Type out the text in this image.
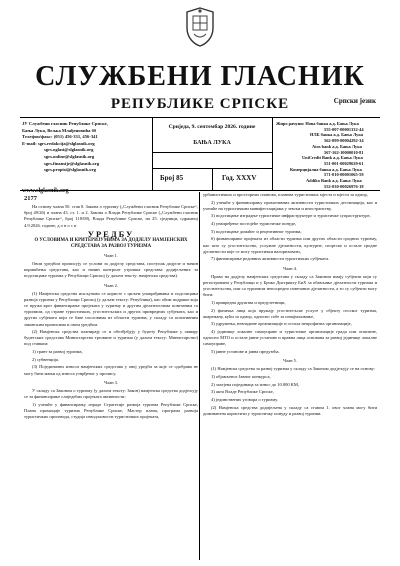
СЛУЖБЕНИ ГЛАСНИК
РЕПУБЛИКЕ СРПСКЕ	Српски језик
ЈУ Службени гласник Републике Српске,
Бања Лука, Вељка Млађеновића бб
Телефон/факс: (051) 456-331, 456-341
Е-mail: sgrs.redakcija@slglasnik.org
sgrs.oglasi@slglasnik.org
sgrs.online@slglasnik.org
sgrs.finansije@slglasnik.org
sgrs.propisi@slglasnik.org
www.slglasnik.org
Сриједа, 9. септембар 2026. године
БАЊА ЛУКА
Број 85	Год. XXXV
Жиро рачуни: Нова банка а.д. Бања Лука
555-007-00001332-44
НЛБ банка а.д. Бања Лука
562-099-00004292-34
Atos bank а.д. Бања Лука
567-162-10000010-81
UniCredit Bank а.д. Бања Лука
551-001-00029639-61
Комерцијална банка а.д. Бања Лука
571-010-00001065-59
Addiko Bank а.д. Бања Лука
552-030-00026976-18
2177

На основу члана 50. став 8. Закона о туризму („Службени гласник Републике Српске“, број 49/26) и члана 43. ст. 1. и 2. Закона о Влади Републике Српске („Службени гласник Републике Српске“, број 118/08), Влада Републике Српске, на 25. сједници, одржаној 4.9.2026. године, д о н о с и

УРЕДБУ
О УСЛОВИМА И КРИТЕРИЈУМИМА ЗА ДОДЈЕЛУ НАМЈЕНСКИХ СРЕДСТАВА ЗА РАЗВОЈ ТУРИЗМА

Члан 1.

Овом уредбом прописују се услови за додјелу средстава, поступак додјеле и начин коришћења средстава, као и начин контроле утрошка средстава додијељених за подстицање туризма у Републици Српској (у даљем тексту: намјенска средства).

Члан 2.

(1) Намјенска средства искључиво се користе с циљем унапређивања и подстицања развоја туризма у Републици Српској (у даљем тексту: Република), као обим подршке која се пружа кроз финансирање пројеката у туризму и другим дјелатностима повезаним са туризмом, од стране туристичких, угоститељских и других привредних субјеката, као и других субјеката који се баве пословима из области туризма, у складу са позитивним законским прописима и овом уредбом.

(2) Намјенска средства планирају се и обезбјеђују у буџету Републике у оквиру буџетских средстава Министарства трговине и туризма (у даљем тексту: Министарство) под ставком:

1) грант за развој туризма,

2) субвенција.

(3) Појединачни износи намјенских средстава у овој уредби за које се одобрава не могу бити мањи од износа утврђеног у пропису.

Члан 3.

У складу са Законом о туризму (у даљем тексту: Закон) намјенска средства додјељују се за финансирање слиједећих пројеката активности:

1) учешће у финансирању израде Стратегије развоја туризма Републике Српске, Плана промоције туризма Републике Српске, Мастер плана, програма развоја туристичких производа, студија изводљивости туристичких пројеката,

урбанистичких и просторних планова, планова туристичких мјеста и мјеста за одмор,

2) учешће у финансирању промотивних активности туристичких дестинација, као и учешће на туристичким манифестацијама у земљи и иностранству,

3) подстицање изградње туристичке инфраструктуре и туристичке супраструктуре,

4) унапређење постојеће туристичке понуде,

5) подстицање домаћег и рецептивног туризма,

6) финансирање пројеката из области туризма или других области сродних туризму, као што су угоститељство, услужне дјелатности, културне, спортске и остале сродне дјелатности које се могу туристички валоризовати,

7) финансирање редовних активности туристичких субјеката.

Члан 4.

Право на додјелу намјенских средстава у складу са Законом имају субјекти који су регистровани у Републици и у Брчко Дистрикту БиХ за обављање дјелатности туризма и угоститељства, или са туризмом непосредно повезаних дјелатности, а то су субјекти могу бити:

1) привредна друштва и предузетници,

2) физичка лица која пружају угоститељске услуге у објекту сеоског туризма, апартману, кући за одмор, односно собе за изнајмљивање,

3) удружења, невладине организације и остала непрофитна организације,

4) јединице локалне самоуправе и туристичке организације града или општине, односно МТО и остале јавне установе и правна лица основана за развој јединице локалне самоуправе,

5) јавне установе и јавна предузећа.

Члан 5.

(1) Намјенска средства за развој туризма у складу са Законом додјељују се на основу:

1) објављеног Јавног конкурса,

2) захтјева појединаца за износ до 10.000 КМ,

3) акта Владе Републике Српске,

4) јединствених уговора о туризму.

(2) Намјенска средства додијељена у складу са ставом 1. овог члана могу бити доминантна користити у туристичку понуду и развој туризма.
